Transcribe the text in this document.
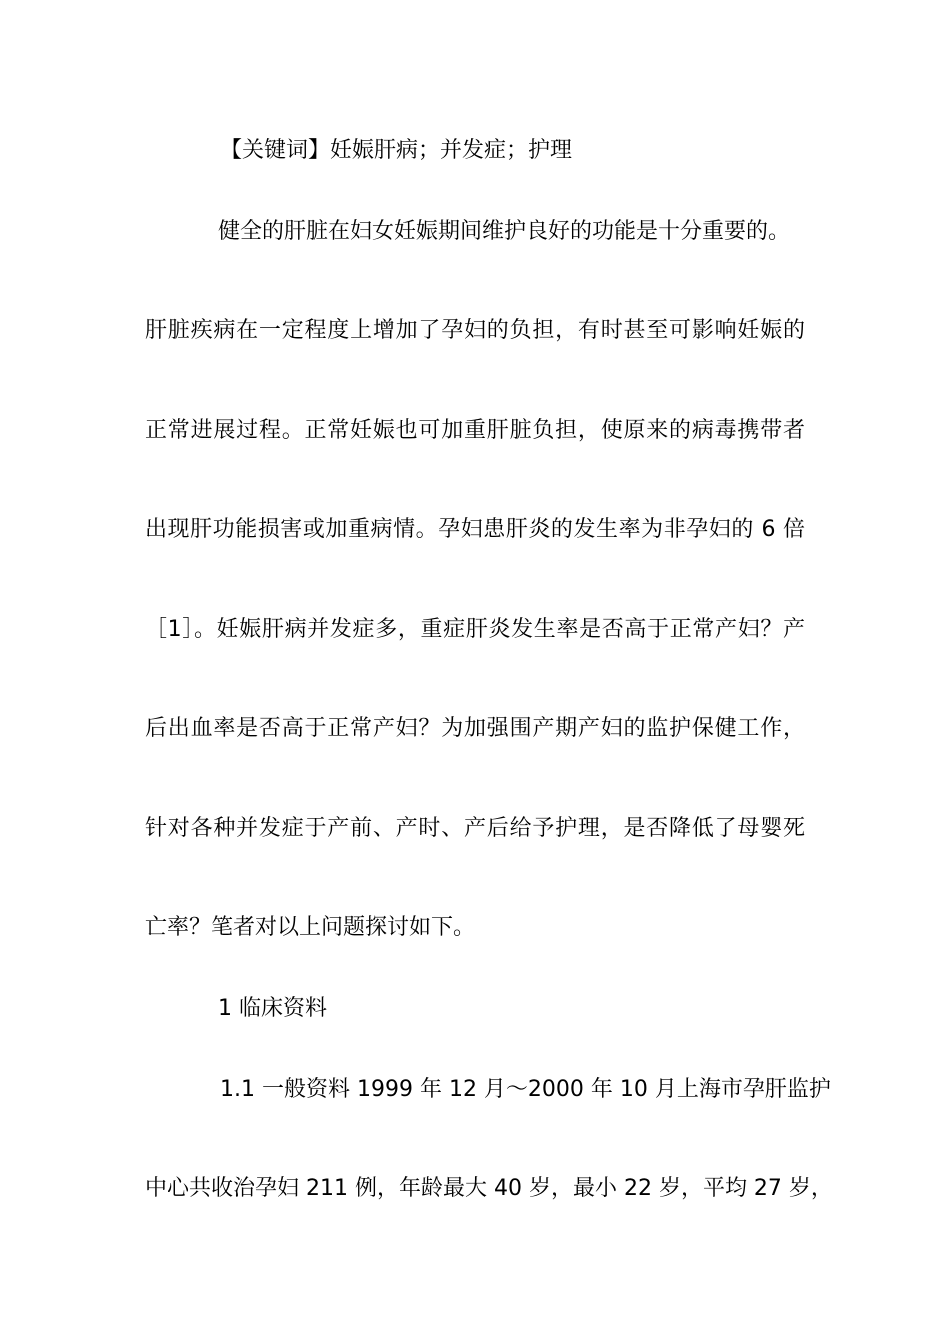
【关键词】妊娠肝病；并发症；护理
健全的肝脏在妇女妊娠期间维护良好的功能是十分重要的。
肝脏疾病在一定程度上增加了孕妇的负担，有时甚至可影响妊娠的
正常进展过程。正常妊娠也可加重肝脏负担，使原来的病毒携带者
出现肝功能损害或加重病情。孕妇患肝炎的发生率为非孕妇的 6 倍
［1］。妊娠肝病并发症多，重症肝炎发生率是否高于正常产妇？产
后出血率是否高于正常产妇？为加强围产期产妇的监护保健工作，
针对各种并发症于产前、产时、产后给予护理，是否降低了母婴死
亡率？笔者对以上问题探讨如下。
1 临床资料
1.1 一般资料 1999 年 12 月～2000 年 10 月上海市孕肝监护
中心共收治孕妇 211 例，年龄最大 40 岁，最小 22 岁，平均 27 岁，
